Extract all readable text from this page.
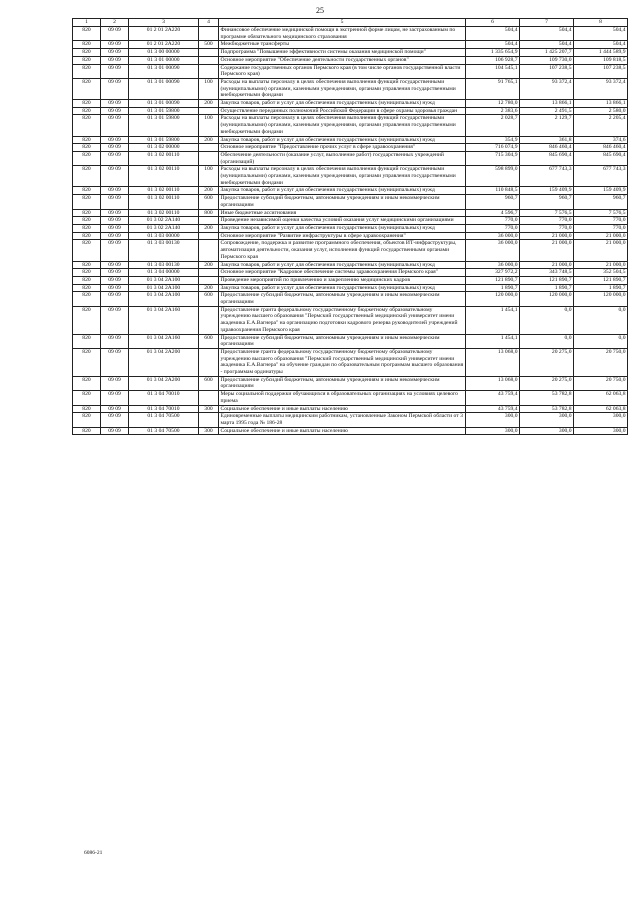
25
1	2	3	4	5	6	7	8
820	09 09	01 2 01 2А220		Финансовое обеспечение медицинской помощи в экстренной форме лицам, не застрахованным по программе обязательного медицинского страхования	504,4	504,4	504,4
820	09 09	01 2 01 2А220	500	Межбюджетные трансферты	504,4	504,4	504,4
820	09 09	01 3 00 00000		Подпрограмма "Повышение эффективности системы оказания медицинской помощи"	1 335 654,9	1 425 207,7	1 444 589,9
820	09 09	01 3 01 00000		Основное мероприятие "Обеспечение деятельности государственных органов"	106 928,7	109 730,0	109 818,5
820	09 09	01 3 01 00090		Содержание государственных органов Пермского края (в том числе органов государственной власти Пермского края)	104 545,1	107 238,5	107 238,5
820	09 09	01 3 01 00090	100	Расходы на выплаты персоналу в целях обеспечения выполнения функций государственными (муниципальными) органами, казенными учреждениями, органами управления государственными внебюджетными фондами	91 765,1	93 372,4	93 372,4
820	09 09	01 3 01 00090	200	Закупка товаров, работ и услуг для обеспечения государственных (муниципальных) нужд	12 780,0	13 866,1	13 866,1
820	09 09	01 3 01 59800		Осуществление переданных полномочий Российской Федерации в сфере охраны здоровья граждан	2 383,6	2 491,5	2 580,0
820	09 09	01 3 01 59800	100	Расходы на выплаты персоналу в целях обеспечения выполнения функций государственными (муниципальными) органами, казенными учреждениями, органами управления государственными внебюджетными фондами	2 028,7	2 129,7	2 205,4
820	09 09	01 3 01 59800	200	Закупка товаров, работ и услуг для обеспечения государственных (муниципальных) нужд	354,9	361,8	374,6
820	09 09	01 3 02 00000		Основное мероприятие "Предоставление прочих услуг в сфере здравоохранения"	716 074,9	846 460,4	846 460,4
820	09 09	01 3 02 00110		Обеспечение деятельности (оказание услуг, выполнение работ) государственных учреждений (организаций)	715 304,9	845 690,4	845 690,4
820	09 09	01 3 02 00110	100	Расходы на выплаты персоналу в целях обеспечения выполнения функций государственными (муниципальными) органами, казенными учреждениями, органами управления государственными внебюджетными фондами	598 899,0	677 743,3	677 743,3
820	09 09	01 3 02 00110	200	Закупка товаров, работ и услуг для обеспечения государственных (муниципальных) нужд	110 848,5	159 409,9	159 409,9
820	09 09	01 3 02 00110	600	Предоставление субсидий бюджетным, автономным учреждениям и иным некоммерческим организациям	960,7	960,7	960,7
820	09 09	01 3 02 00110	800	Иные бюджетные ассигнования	4 596,7	7 576,5	7 576,5
820	09 09	01 3 02 2А140		Проведение независимой оценки качества условий оказания услуг медицинскими организациями	770,0	770,0	770,0
820	09 09	01 3 02 2А140	200	Закупка товаров, работ и услуг для обеспечения государственных (муниципальных) нужд	770,0	770,0	770,0
820	09 09	01 3 03 00000		Основное мероприятие "Развитие инфраструктуры в сфере здравоохранения"	36 000,0	21 000,0	21 000,0
820	09 09	01 3 03 00130		Сопровождение, поддержка и развитие программного обеспечения, объектов ИТ-инфраструктуры, автоматизация деятельности, оказания услуг, исполнения функций государственными органами Пермского края	36 000,0	21 000,0	21 000,0
820	09 09	01 3 03 00130	200	Закупка товаров, работ и услуг для обеспечения государственных (муниципальных) нужд	36 000,0	21 000,0	21 000,0
820	09 09	01 3 04 00000		Основное мероприятие "Кадровое обеспечение системы здравоохранения Пермского края"	327 972,2	343 748,5	352 504,5
820	09 09	01 3 04 2А100		Проведение мероприятий по привлечению и закреплению медицинских кадров	121 890,7	121 890,7	121 890,7
820	09 09	01 3 04 2А100	200	Закупка товаров, работ и услуг для обеспечения государственных (муниципальных) нужд	1 890,7	1 890,7	1 890,7
820	09 09	01 3 04 2А100	600	Предоставление субсидий бюджетным, автономным учреждениям и иным некоммерческим организациям	120 000,0	120 000,0	120 000,0
820	09 09	01 3 04 2А160		Предоставление гранта федеральному государственному бюджетному образовательному учреждению высшего образования "Пермский государственный медицинский университет имени академика Е.А.Вагнера" на организацию подготовки кадрового резерва руководителей учреждений здравоохранения Пермского края	1 454,1	0,0	0,0
820	09 09	01 3 04 2А160	600	Предоставление субсидий бюджетным, автономным учреждениям и иным некоммерческим организациям	1 454,1	0,0	0,0
820	09 09	01 3 04 2А200		Предоставление гранта федеральному государственному бюджетному образовательному учреждению высшего образования "Пермский государственный медицинский университет имени академика Е.А.Вагнера" на обучение граждан по образовательным программам высшего образования - программам ординатуры	13 068,0	20 275,0	20 750,0
820	09 09	01 3 04 2А200	600	Предоставление субсидий бюджетным, автономным учреждениям и иным некоммерческим организациям	13 068,0	20 275,0	20 750,0
820	09 09	01 3 04 70010		Меры социальной поддержки обучающихся в образовательных организациях на условиях целевого приема	43 759,4	53 782,8	62 063,8
820	09 09	01 3 04 70010	300	Социальное обеспечение и иные выплаты населению	43 759,4	53 782,8	62 063,8
820	09 09	01 3 04 70500		Единовременные выплаты медицинским работникам, установленные Законом Пермской области от 3 марта 1995 года № 186-28	300,0	300,0	300,0
820	09 09	01 3 04 70500	300	Социальное обеспечение и иные выплаты населению	300,0	300,0	300,0
6086-21
